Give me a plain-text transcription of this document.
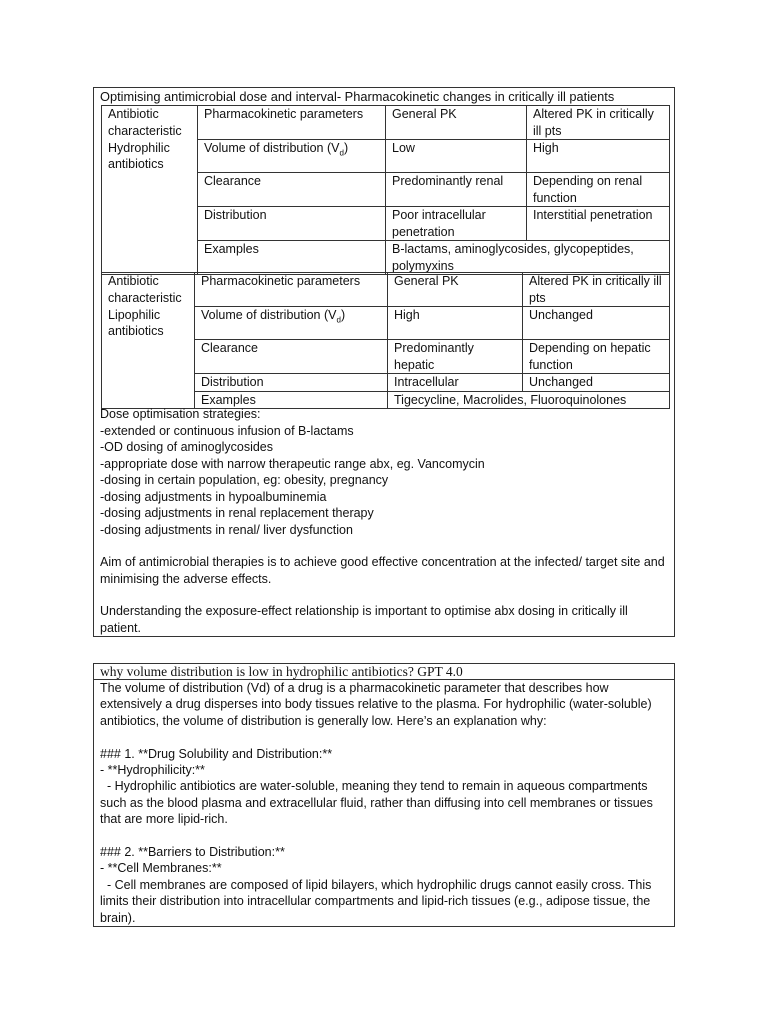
Optimising antimicrobial dose and interval- Pharmacokinetic changes in critically ill patients
Antibiotic characteristic	Pharmacokinetic parameters	General PK	Altered PK in critically ill pts
Hydrophilic antibiotics	Volume of distribution $(V_d)$	Low	High
	Clearance	Predominantly renal	Depending on renal function
	Distribution	Poor intracellular penetration	Interstitial penetration
	Examples	B-lactams, aminoglycosides, glycopeptides, polymyxins	
Antibiotic characteristic	Pharmacokinetic parameters	General PK	Altered PK in critically ill pts
Lipophilic antibiotics	Volume of distribution $(V_d)$	High	Unchanged
	Clearance	Predominantly hepatic	Depending on hepatic function
	Distribution	Intracellular	Unchanged
	Examples	Tigecycline, Macrolides, Fluoroquinolones	

Dose optimisation strategies:

-extended or continuous infusion of B-lactams

-OD dosing of aminoglycosides

-appropriate dose with narrow therapeutic range abx, eg. Vancomycin

-dosing in certain population, eg: obesity, pregnancy

-dosing adjustments in hypoalbuminemia

-dosing adjustments in renal replacement therapy

-dosing adjustments in renal/ liver dysfunction

Aim of antimicrobial therapies is to achieve good effective concentration at the infected/ target site and minimising the adverse effects.

Understanding the exposure-effect relationship is important to optimise abx dosing in critically ill patient.

why volume distribution is low in hydrophilic antibiotics? GPT 4.0

The volume of distribution (Vd) of a drug is a pharmacokinetic parameter that describes how extensively a drug disperses into body tissues relative to the plasma. For hydrophilic (water-soluble) antibiotics, the volume of distribution is generally low. Here’s an explanation why:

### 1. **Drug Solubility and Distribution:**

- **Hydrophilicity:**

- Hydrophilic antibiotics are water-soluble, meaning they tend to remain in aqueous compartments such as the blood plasma and extracellular fluid, rather than diffusing into cell membranes or tissues that are more lipid-rich.

### 2. **Barriers to Distribution:**

- **Cell Membranes:**

- Cell membranes are composed of lipid bilayers, which hydrophilic drugs cannot easily cross. This limits their distribution into intracellular compartments and lipid-rich tissues (e.g., adipose tissue, the brain).
